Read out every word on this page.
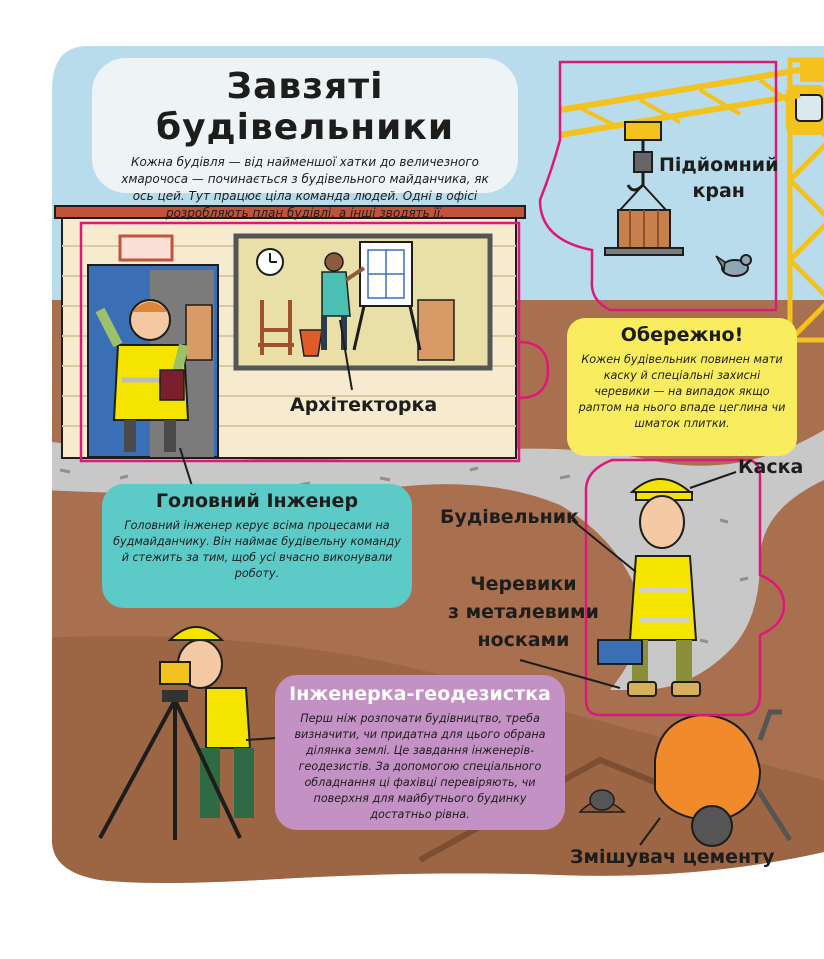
Завзяті будівельники

Кожна будівля — від найменшої хатки до величезного хмарочоса — починається з будівельного майданчика, як ось цей. Тут працює ціла команда людей. Одні в офісі розробляють план будівлі, а інші зводять її.

Підйомний
кран
Архітекторка
Каска
Будівельник
Черевики
з металевими
носками
Змішувач цементу
Обережно!

Кожен будівельник повинен мати каску й спеціальні захисні черевики — на випадок якщо раптом на нього впаде цеглина чи шматок плитки.

Головний Інженер

Головний інженер керує всіма процесами на будмайданчику. Він наймає будівельну команду й стежить за тим, щоб усі вчасно виконували роботу.

Інженерка-геодезистка

Перш ніж розпочати будівництво, треба визначити, чи придатна для цього обрана ділянка землі. Це завдання інженерів-геодезистів. За допомогою спеціального обладнання ці фахівці перевіряють, чи поверхня для майбутнього будинку достатньо рівна.
